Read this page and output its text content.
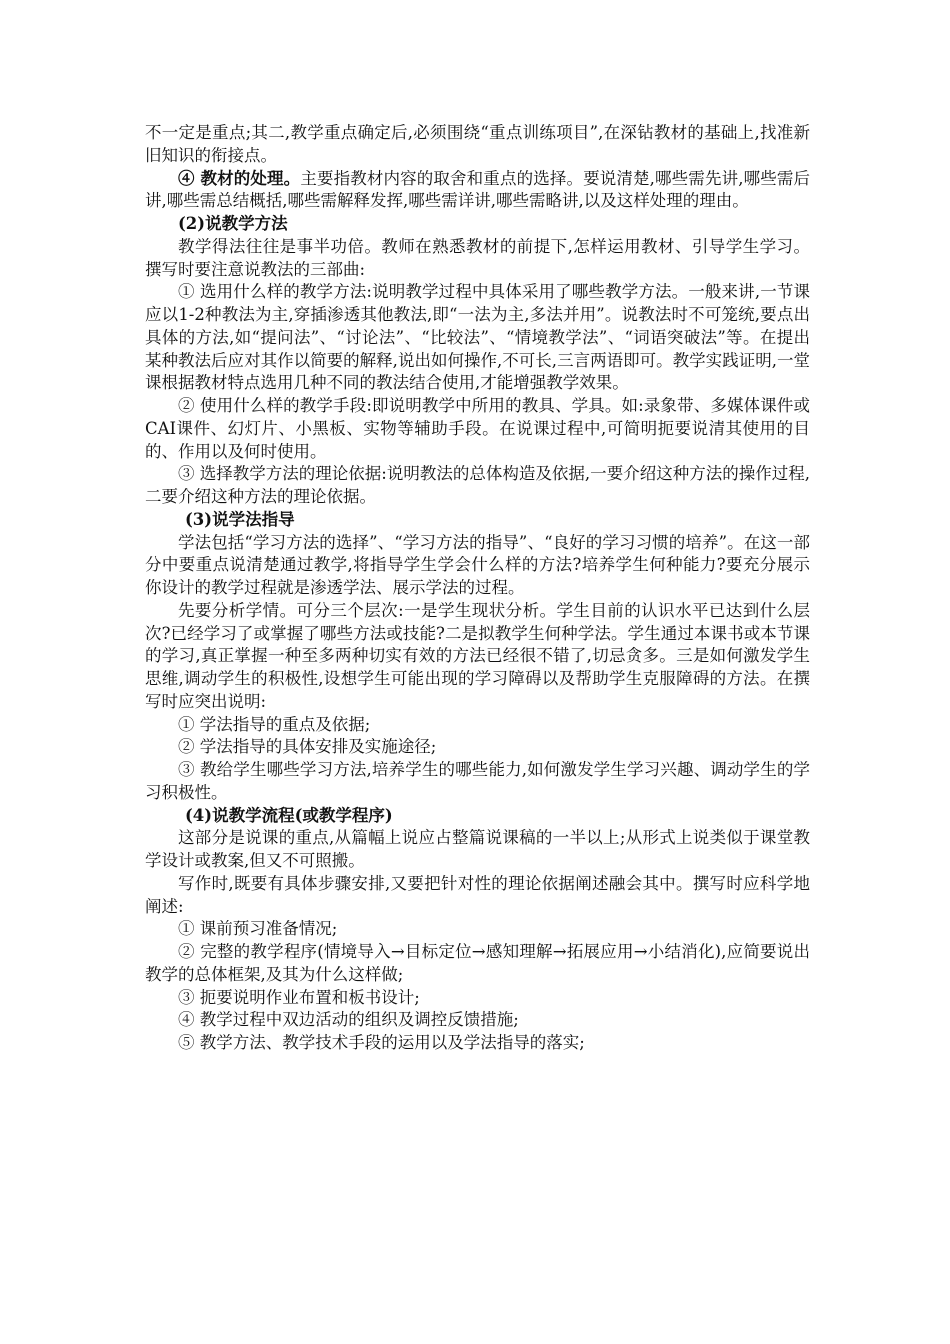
不一定是重点;其二,教学重点确定后,必须围绕“重点训练项目”,在深钻教材的基础上,找准新旧知识的衔接点。

④ 教材的处理。主要指教材内容的取舍和重点的选择。要说清楚,哪些需先讲,哪些需后讲,哪些需总结概括,哪些需解释发挥,哪些需详讲,哪些需略讲,以及这样处理的理由。

(2)说教学方法

教学得法往往是事半功倍。教师在熟悉教材的前提下,怎样运用教材、引导学生学习。撰写时要注意说教法的三部曲:

① 选用什么样的教学方法:说明教学过程中具体采用了哪些教学方法。一般来讲,一节课应以1-2种教法为主,穿插渗透其他教法,即“一法为主,多法并用”。说教法时不可笼统,要点出具体的方法,如“提问法”、“讨论法”、“比较法”、“情境教学法”、“词语突破法”等。在提出某种教法后应对其作以简要的解释,说出如何操作,不可长,三言两语即可。教学实践证明,一堂课根据教材特点选用几种不同的教法结合使用,才能增强教学效果。

② 使用什么样的教学手段:即说明教学中所用的教具、学具。如:录象带、多媒体课件或CAI课件、幻灯片、小黑板、实物等辅助手段。在说课过程中,可简明扼要说清其使用的目的、作用以及何时使用。

③ 选择教学方法的理论依据:说明教法的总体构造及依据,一要介绍这种方法的操作过程,二要介绍这种方法的理论依据。

(3)说学法指导

学法包括“学习方法的选择”、“学习方法的指导”、“良好的学习习惯的培养”。在这一部分中要重点说清楚通过教学,将指导学生学会什么样的方法?培养学生何种能力?要充分展示你设计的教学过程就是渗透学法、展示学法的过程。

先要分析学情。可分三个层次:一是学生现状分析。学生目前的认识水平已达到什么层次?已经学习了或掌握了哪些方法或技能?二是拟教学生何种学法。学生通过本课书或本节课的学习,真正掌握一种至多两种切实有效的方法已经很不错了,切忌贪多。三是如何激发学生思维,调动学生的积极性,设想学生可能出现的学习障碍以及帮助学生克服障碍的方法。在撰写时应突出说明:

① 学法指导的重点及依据;

② 学法指导的具体安排及实施途径;

③ 教给学生哪些学习方法,培养学生的哪些能力,如何激发学生学习兴趣、调动学生的学习积极性。

(4)说教学流程(或教学程序)

这部分是说课的重点,从篇幅上说应占整篇说课稿的一半以上;从形式上说类似于课堂教学设计或教案,但又不可照搬。

写作时,既要有具体步骤安排,又要把针对性的理论依据阐述融会其中。撰写时应科学地阐述:

① 课前预习准备情况;

② 完整的教学程序(情境导入→目标定位→感知理解→拓展应用→小结消化),应简要说出教学的总体框架,及其为什么这样做;

③ 扼要说明作业布置和板书设计;

④ 教学过程中双边活动的组织及调控反馈措施;

⑤ 教学方法、教学技术手段的运用以及学法指导的落实;
